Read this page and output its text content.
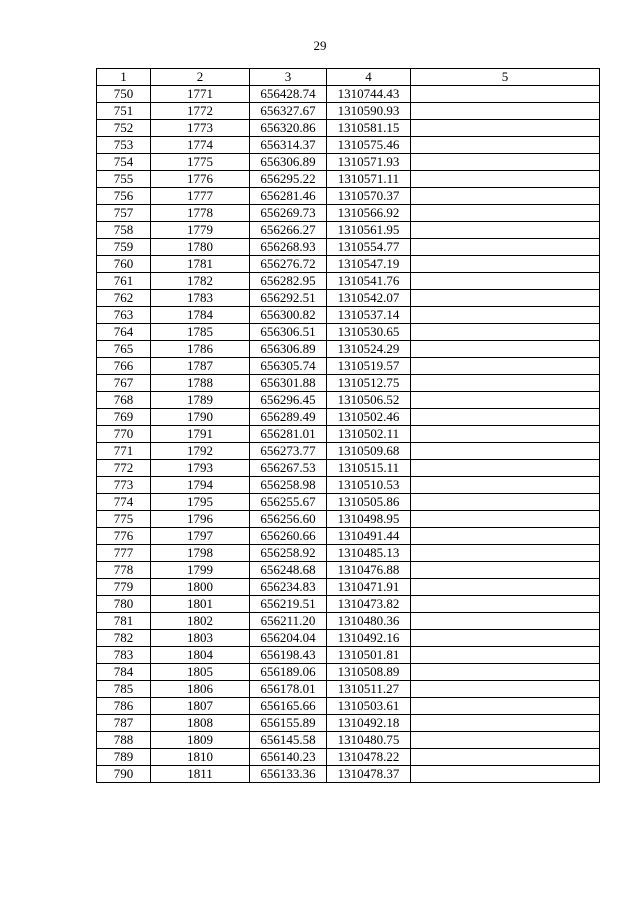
29
1	2	3	4	5
750	1771	656428.74	1310744.43	
751	1772	656327.67	1310590.93	
752	1773	656320.86	1310581.15	
753	1774	656314.37	1310575.46	
754	1775	656306.89	1310571.93	
755	1776	656295.22	1310571.11	
756	1777	656281.46	1310570.37	
757	1778	656269.73	1310566.92	
758	1779	656266.27	1310561.95	
759	1780	656268.93	1310554.77	
760	1781	656276.72	1310547.19	
761	1782	656282.95	1310541.76	
762	1783	656292.51	1310542.07	
763	1784	656300.82	1310537.14	
764	1785	656306.51	1310530.65	
765	1786	656306.89	1310524.29	
766	1787	656305.74	1310519.57	
767	1788	656301.88	1310512.75	
768	1789	656296.45	1310506.52	
769	1790	656289.49	1310502.46	
770	1791	656281.01	1310502.11	
771	1792	656273.77	1310509.68	
772	1793	656267.53	1310515.11	
773	1794	656258.98	1310510.53	
774	1795	656255.67	1310505.86	
775	1796	656256.60	1310498.95	
776	1797	656260.66	1310491.44	
777	1798	656258.92	1310485.13	
778	1799	656248.68	1310476.88	
779	1800	656234.83	1310471.91	
780	1801	656219.51	1310473.82	
781	1802	656211.20	1310480.36	
782	1803	656204.04	1310492.16	
783	1804	656198.43	1310501.81	
784	1805	656189.06	1310508.89	
785	1806	656178.01	1310511.27	
786	1807	656165.66	1310503.61	
787	1808	656155.89	1310492.18	
788	1809	656145.58	1310480.75	
789	1810	656140.23	1310478.22	
790	1811	656133.36	1310478.37	
